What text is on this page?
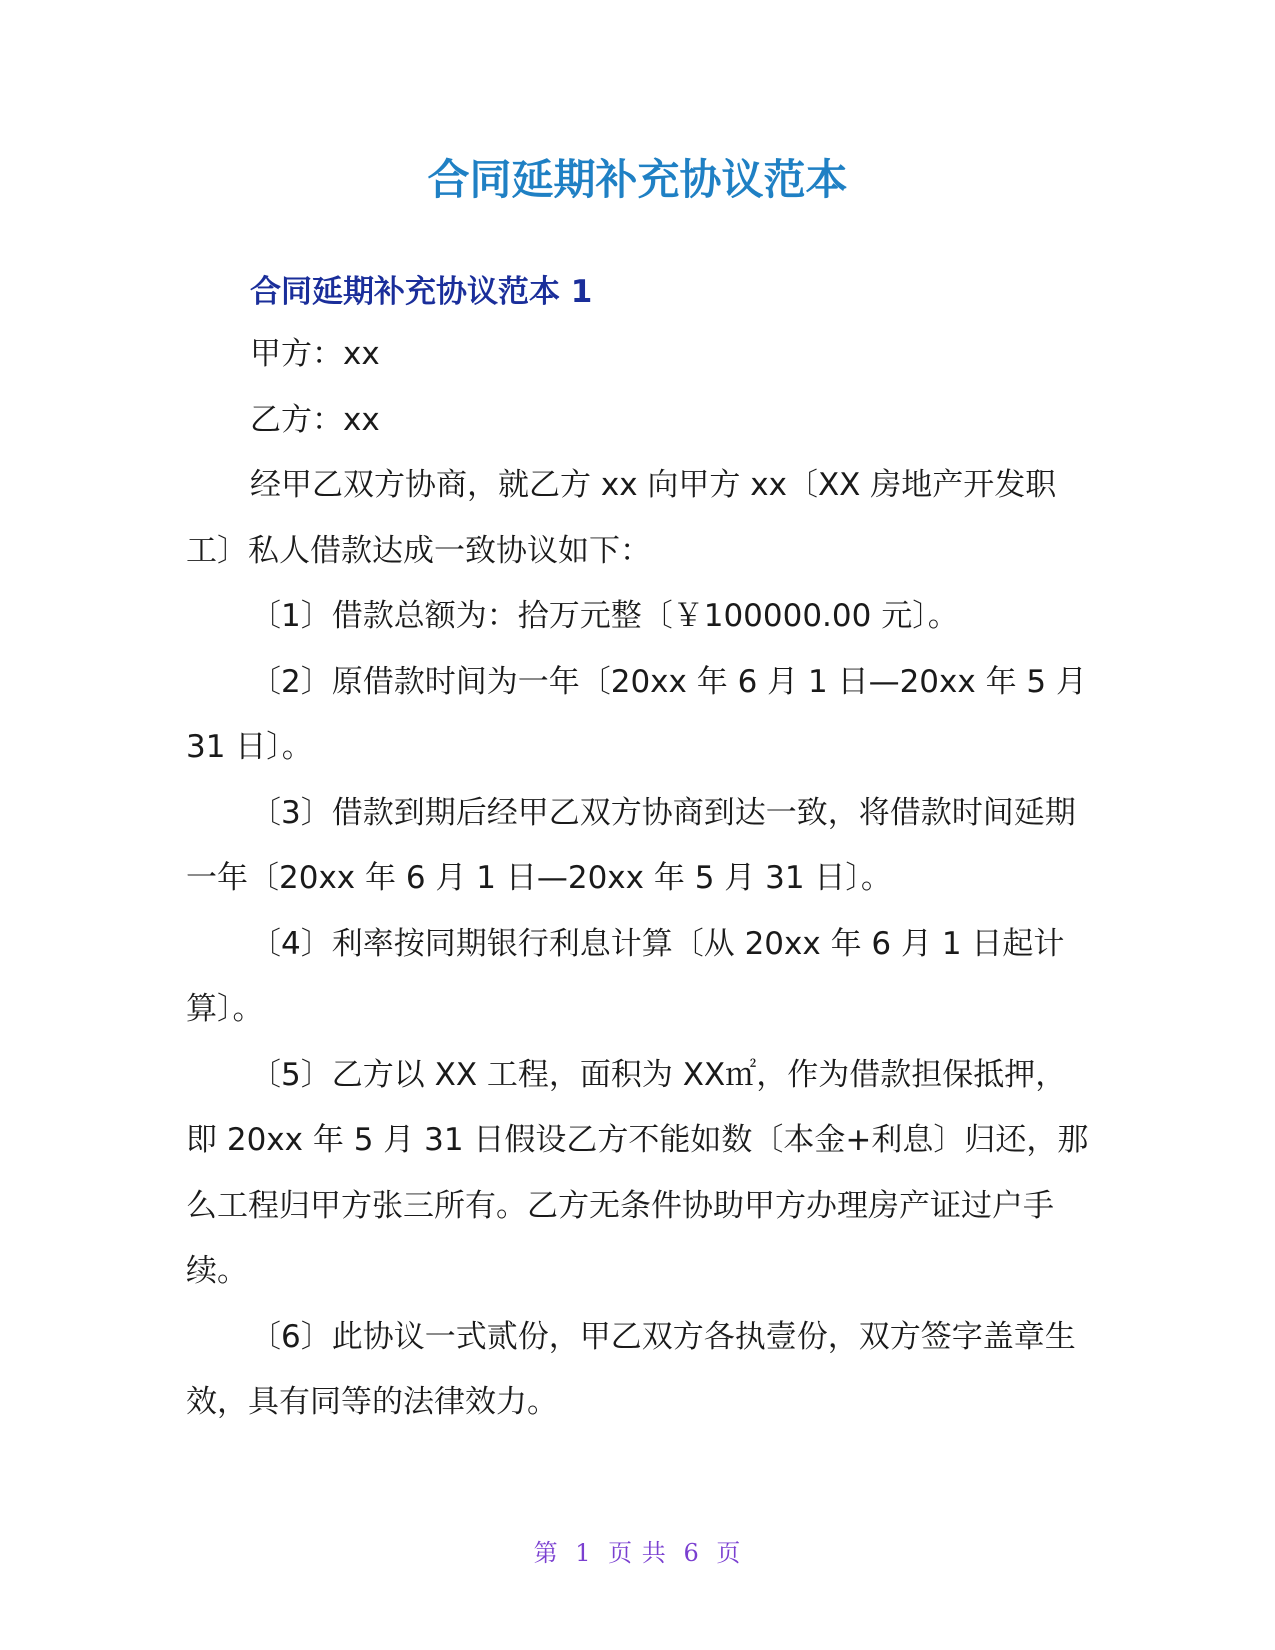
合同延期补充协议范本
合同延期补充协议范本 1

甲方：xx

乙方：xx

经甲乙双方协商，就乙方 xx 向甲方 xx〔XX 房地产开发职工〕私人借款达成一致协议如下：

〔1〕借款总额为：拾万元整〔￥100000.00 元〕。

〔2〕原借款时间为一年〔20xx 年 6 月 1 日—20xx 年 5 月 31 日〕。

〔3〕借款到期后经甲乙双方协商到达一致，将借款时间延期一年〔20xx 年 6 月 1 日—20xx 年 5 月 31 日〕。

〔4〕利率按同期银行利息计算〔从 20xx 年 6 月 1 日起计算〕。

〔5〕乙方以 XX 工程，面积为 XX㎡，作为借款担保抵押，即 20xx 年 5 月 31 日假设乙方不能如数〔本金+利息〕归还，那么工程归甲方张三所有。乙方无条件协助甲方办理房产证过户手续。

〔6〕此协议一式贰份，甲乙双方各执壹份，双方签字盖章生效，具有同等的法律效力。

第 1 页 共 6 页
